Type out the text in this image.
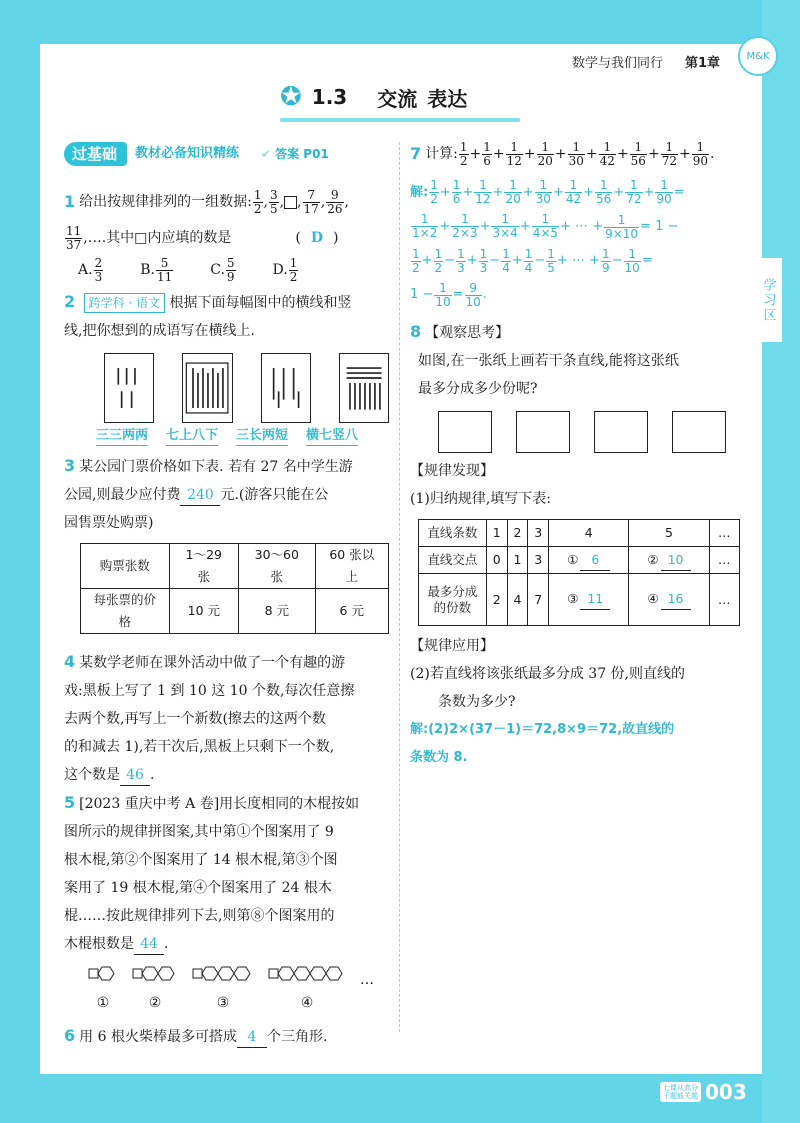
学习区
M&K
数学与我们同行 第1章
✪ 1.3 交流 表达
过基础	教材必备知识精练 ✔ 答案 P01
1 给出按规律排列的一组数据: 1
2 , 3
5 ,
, 7
17 , 9
26 ,
11
37 ,…. 其中□内应填的数是	( D )
A. $\frac{2}{3}$	B. $\frac{5}{11}$	C. $\frac{5}{9}$	D. $\frac{1}{2}$
2 跨学科 · 语文 根据下面每幅图中的横线和竖
线,把你想到的成语写在横线上.
三三两两 七上八下 三长两短 横七竖八
3 某公园门票价格如下表. 若有 27 名中学生游
公园,则最少应付费 240 元.(游客只能在公
园售票处购票)
购票张数	1～29 张	30～60 张	60 张以上
每张票的价格	10 元	8 元	6 元
4 某数学老师在课外活动中做了一个有趣的游
戏:黑板上写了 1 到 10 这 10 个数,每次任意擦
去两个数,再写上一个新数(擦去的这两个数
的和减去 1),若干次后,黑板上只剩下一个数,
这个数是 46 .
5 [2023 重庆中考 A 卷]用长度相同的木棍按如
图所示的规律拼图案,其中第①个图案用了 9
根木棍,第②个图案用了 14 根木棍,第③个图
案用了 19 根木棍,第④个图案用了 24 根木
棍……按此规律排列下去,则第⑧个图案用的
木棍根数是 44 .
①	②	③	④
…
6 用 6 根火柴棒最多可搭成 4 个三角形.
7 计算: $\frac{1}{2} + \frac{1}{6} + \frac{1}{12} + \frac{1}{20} + \frac{1}{30} + \frac{1}{42} + \frac{1}{56} + \frac{1}{72} + \frac{1}{90}$ .
解: $\frac{1}{2} + \frac{1}{6} + \frac{1}{12} + \frac{1}{20} + \frac{1}{30} + \frac{1}{42} + \frac{1}{56} + \frac{1}{72} + \frac{1}{90}$ =
$\frac{1}{1\times 2} + \frac{1}{2\times 3} + \frac{1}{3\times 4} + \frac{1}{4\times 5}$ + ⋯ +	1
9×10 = 1 −
1
2 + 1
2 − 1
3 + 1
3 − 1
4 + 1
4 − 1
5 + ⋯ + 1
9 − 1
10 =
1 − 1
10 = 9
10 .
8 【观察思考】
如图,在一张纸上画若干条直线,能将这张纸
最多分成多少份呢?
【规律发现】
(1)归纳规律,填写下表:
直线条数	1	2	3	4	5	…
直线交点	0	1	3	① 6	② 10	…
最多分成
的份数	2	4	7	③ 11	④ 16	…
【规律应用】
(2)若直线将该张纸最多分成 37 份,则直线的
条数为多少?
解:(2)2×(37－1)＝72,8×9＝72,故直线的
条数为 8.
七课从高分
千题能关题 003
